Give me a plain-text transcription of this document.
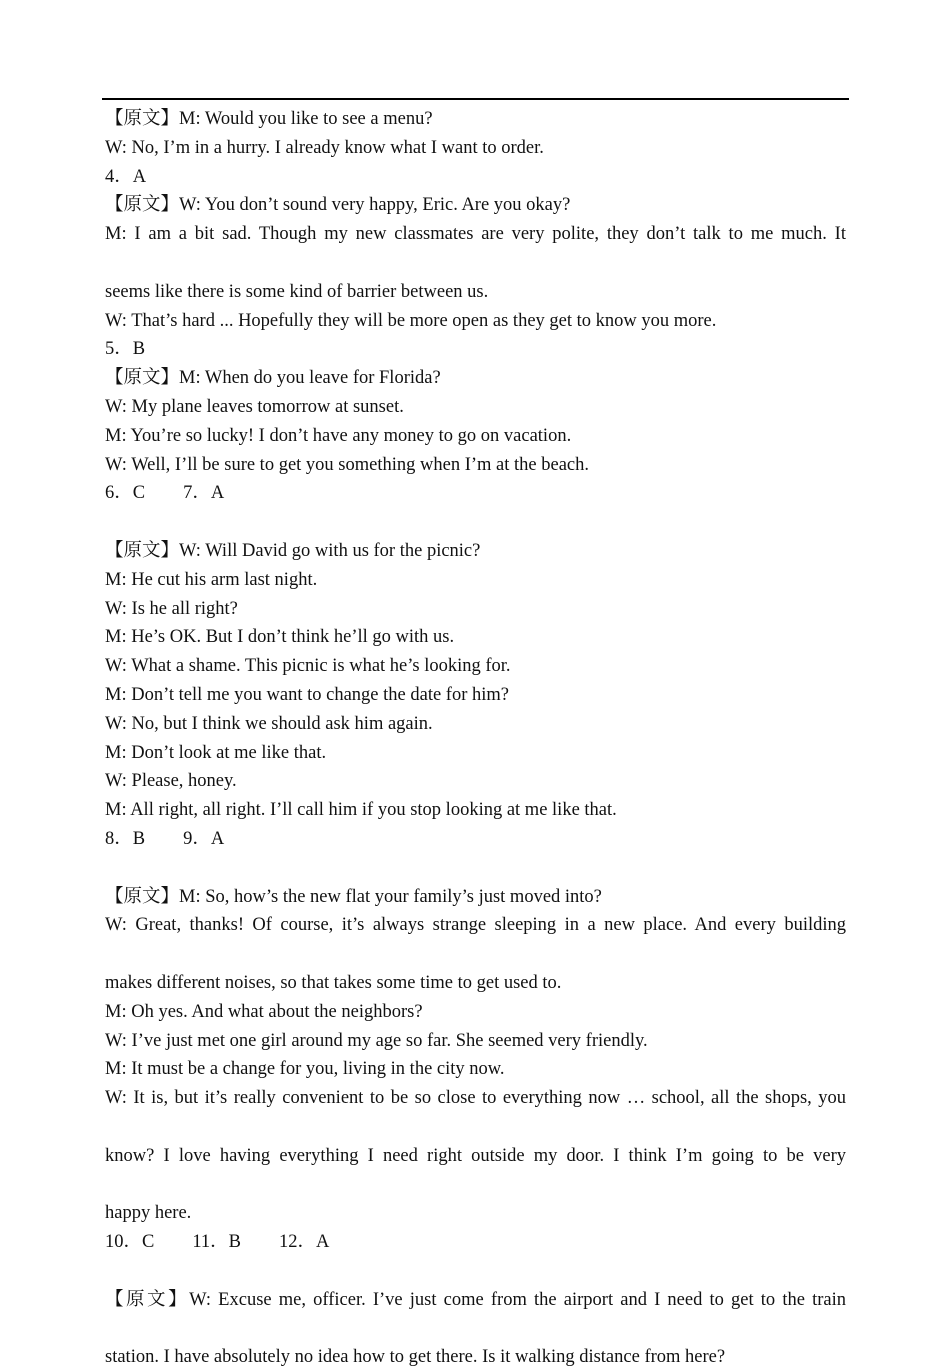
【原文】M: Would you like to see a menu?
W: No, I’m in a hurry. I already know what I want to order.
4．A
【原文】W: You don’t sound very happy, Eric. Are you okay?
M: I am a bit sad. Though my new classmates are very polite, they don’t talk to me much. It
seems like there is some kind of barrier between us.
W: That’s hard ... Hopefully they will be more open as they get to know you more.
5．B
【原文】M: When do you leave for Florida?
W: My plane leaves tomorrow at sunset.
M: You’re so lucky! I don’t have any money to go on vacation.
W: Well, I’ll be sure to get you something when I’m at the beach.
6．C 7．A
【原文】W: Will David go with us for the picnic?
M: He cut his arm last night.
W: Is he all right?
M: He’s OK. But I don’t think he’ll go with us.
W: What a shame. This picnic is what he’s looking for.
M: Don’t tell me you want to change the date for him?
W: No, but I think we should ask him again.
M: Don’t look at me like that.
W: Please, honey.
M: All right, all right. I’ll call him if you stop looking at me like that.
8．B 9．A
【原文】M: So, how’s the new flat your family’s just moved into?
W: Great, thanks! Of course, it’s always strange sleeping in a new place. And every building
makes different noises, so that takes some time to get used to.
M: Oh yes. And what about the neighbors?
W: I’ve just met one girl around my age so far. She seemed very friendly.
M: It must be a change for you, living in the city now.
W: It is, but it’s really convenient to be so close to everything now … school, all the shops, you
know? I love having everything I need right outside my door. I think I’m going to be very
happy here.
10．C 11．B 12．A
【原文】W: Excuse me, officer. I’ve just come from the airport and I need to get to the train
station. I have absolutely no idea how to get there. Is it walking distance from here?
